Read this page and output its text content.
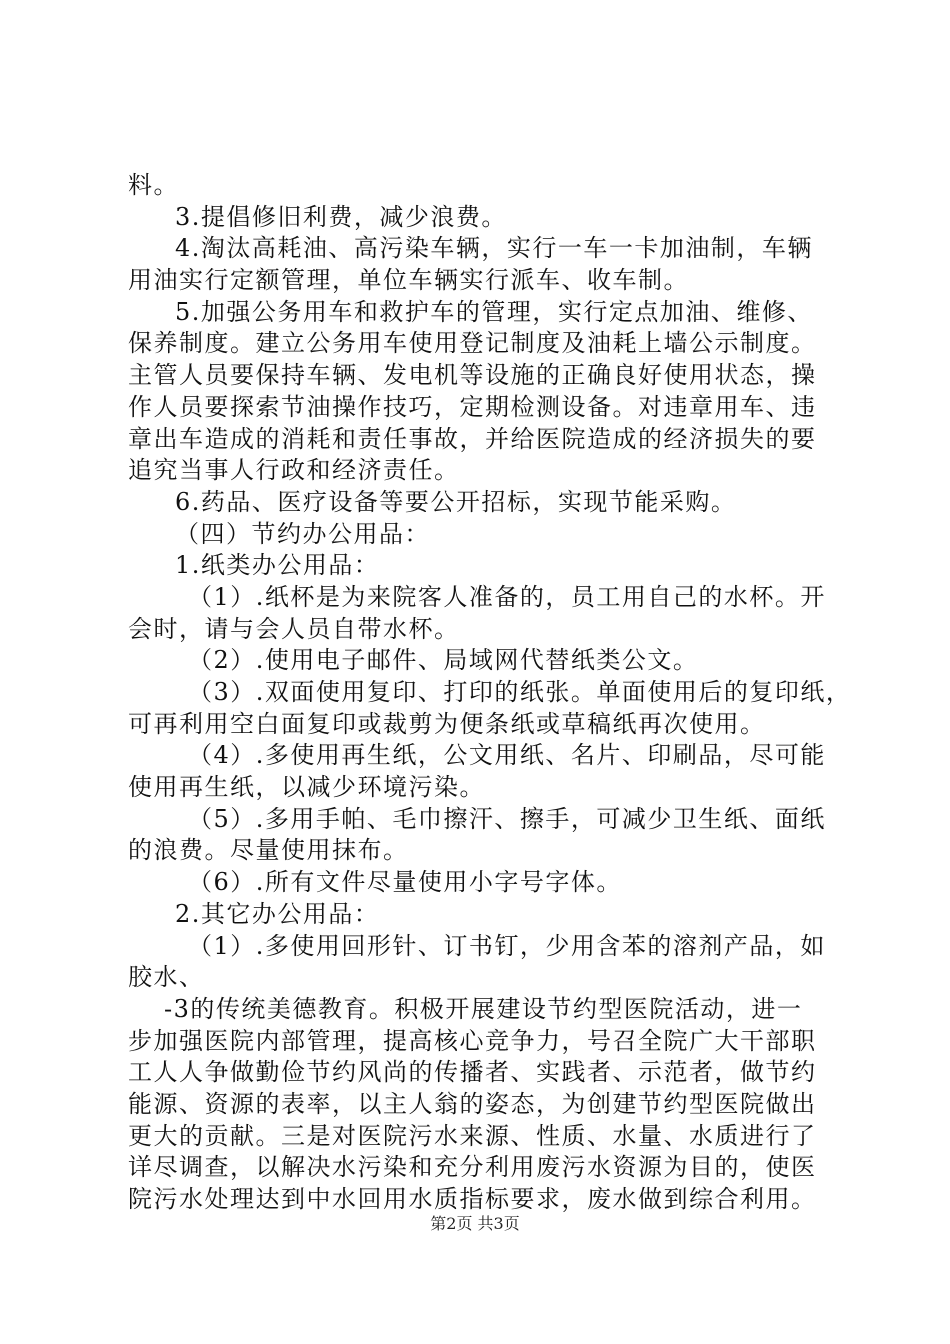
料。
3.提倡修旧利费，减少浪费。
4.淘汰高耗油、高污染车辆，实行一车一卡加油制，车辆
用油实行定额管理，单位车辆实行派车、收车制。
5.加强公务用车和救护车的管理，实行定点加油、维修、
保养制度。建立公务用车使用登记制度及油耗上墙公示制度。
主管人员要保持车辆、发电机等设施的正确良好使用状态，操
作人员要探索节油操作技巧，定期检测设备。对违章用车、违
章出车造成的消耗和责任事故，并给医院造成的经济损失的要
追究当事人行政和经济责任。
6.药品、医疗设备等要公开招标，实现节能采购。
（四）节约办公用品：
1.纸类办公用品：
（1）.纸杯是为来院客人准备的，员工用自己的水杯。开
会时，请与会人员自带水杯。
（2）.使用电子邮件、局域网代替纸类公文。
（3）.双面使用复印、打印的纸张。单面使用后的复印纸，
可再利用空白面复印或裁剪为便条纸或草稿纸再次使用。
（4）.多使用再生纸，公文用纸、名片、印刷品，尽可能
使用再生纸，以减少环境污染。
（5）.多用手帕、毛巾擦汗、擦手，可减少卫生纸、面纸
的浪费。尽量使用抹布。
（6）.所有文件尽量使用小字号字体。
2.其它办公用品：
（1）.多使用回形针、订书钉，少用含苯的溶剂产品，如
胶水、
-3的传统美德教育。积极开展建设节约型医院活动，进一
步加强医院内部管理，提高核心竞争力，号召全院广大干部职
工人人争做勤俭节约风尚的传播者、实践者、示范者，做节约
能源、资源的表率，以主人翁的姿态，为创建节约型医院做出
更大的贡献。三是对医院污水来源、性质、水量、水质进行了
详尽调查，以解决水污染和充分利用废污水资源为目的，使医
院污水处理达到中水回用水质指标要求，废水做到综合利用。
第2页 共3页
